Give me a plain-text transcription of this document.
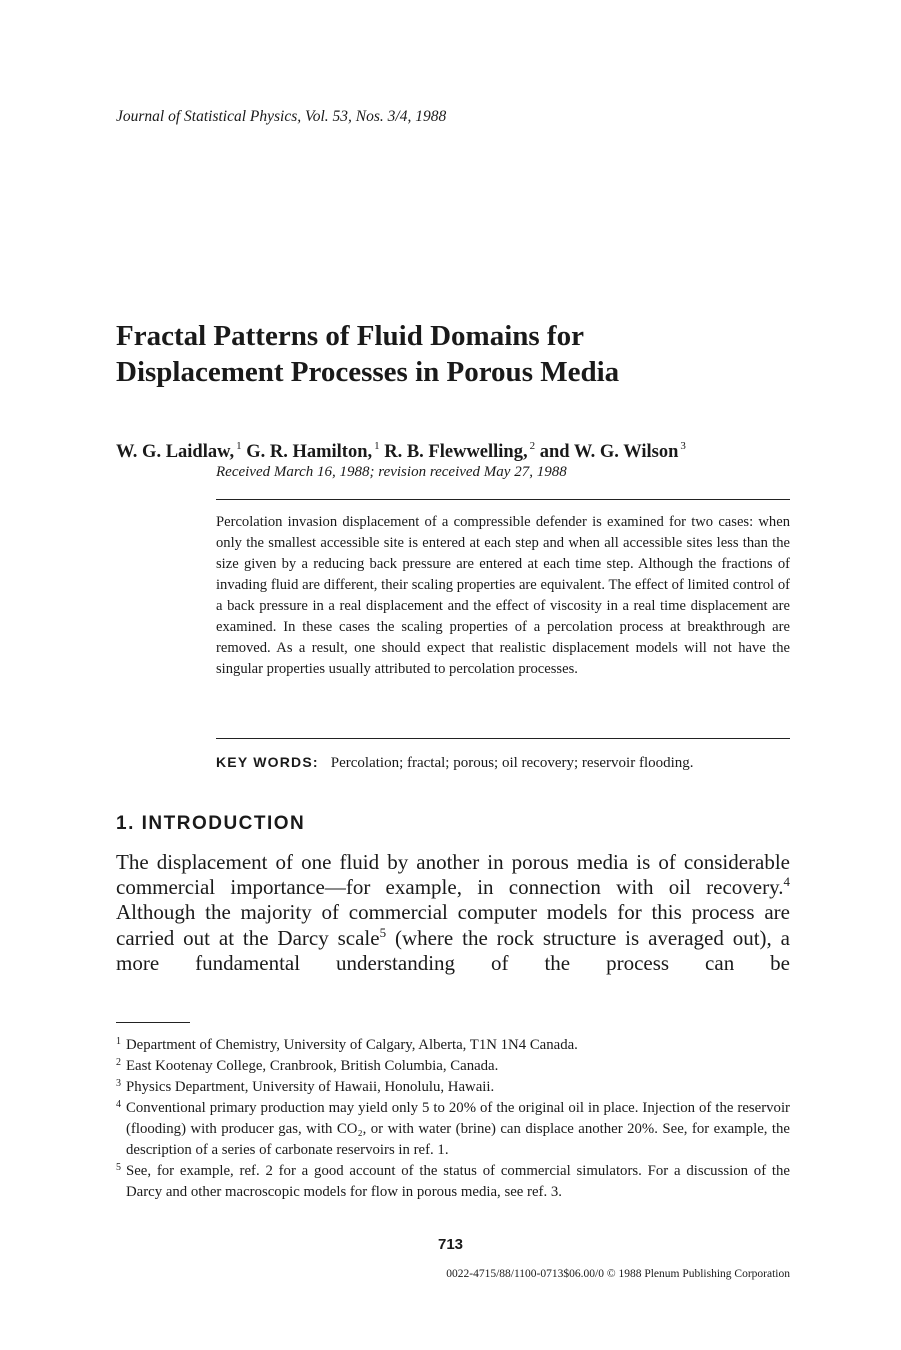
Journal of Statistical Physics, Vol. 53, Nos. 3/4, 1988
Fractal Patterns of Fluid Domains for
Displacement Processes in Porous Media
W. G. Laidlaw, $^1$ G. R. Hamilton, $^1$ R. B. Flewwelling, $^2$ and W. G. Wilson $^3$
Received March 16, 1988; revision received May 27, 1988
Percolation invasion displacement of a compressible defender is examined for two cases: when only the smallest accessible site is entered at each step and when all accessible sites less than the size given by a reducing back pressure are entered at each time step. Although the fractions of invading fluid are different, their scaling properties are equivalent. The effect of limited control of a back pressure in a real displacement and the effect of viscosity in a real time displacement are examined. In these cases the scaling properties of a percolation process at breakthrough are removed. As a result, one should expect that realistic displacement models will not have the singular properties usually attributed to percolation processes.
KEY WORDS: Percolation; fractal; porous; oil recovery; reservoir flooding.
1. INTRODUCTION
The displacement of one fluid by another in porous media is of considerable commercial importance—for example, in connection with oil recovery.$^4$ Although the majority of commercial computer models for this process are carried out at the Darcy scale$^5$ (where the rock structure is averaged out), a more fundamental understanding of the process can be
1 Department of Chemistry, University of Calgary, Alberta, T1N 1N4 Canada.
2 East Kootenay College, Cranbrook, British Columbia, Canada.
3 Physics Department, University of Hawaii, Honolulu, Hawaii.
4 Conventional primary production may yield only 5 to 20% of the original oil in place. Injection of the reservoir (flooding) with producer gas, with CO₂, or with water (brine) can displace another 20%. See, for example, the description of a series of carbonate reservoirs in ref. 1.
5 See, for example, ref. 2 for a good account of the status of commercial simulators. For a discussion of the Darcy and other macroscopic models for flow in porous media, see ref. 3.
713
0022-4715/88/1100-0713$06.00/0 © 1988 Plenum Publishing Corporation
